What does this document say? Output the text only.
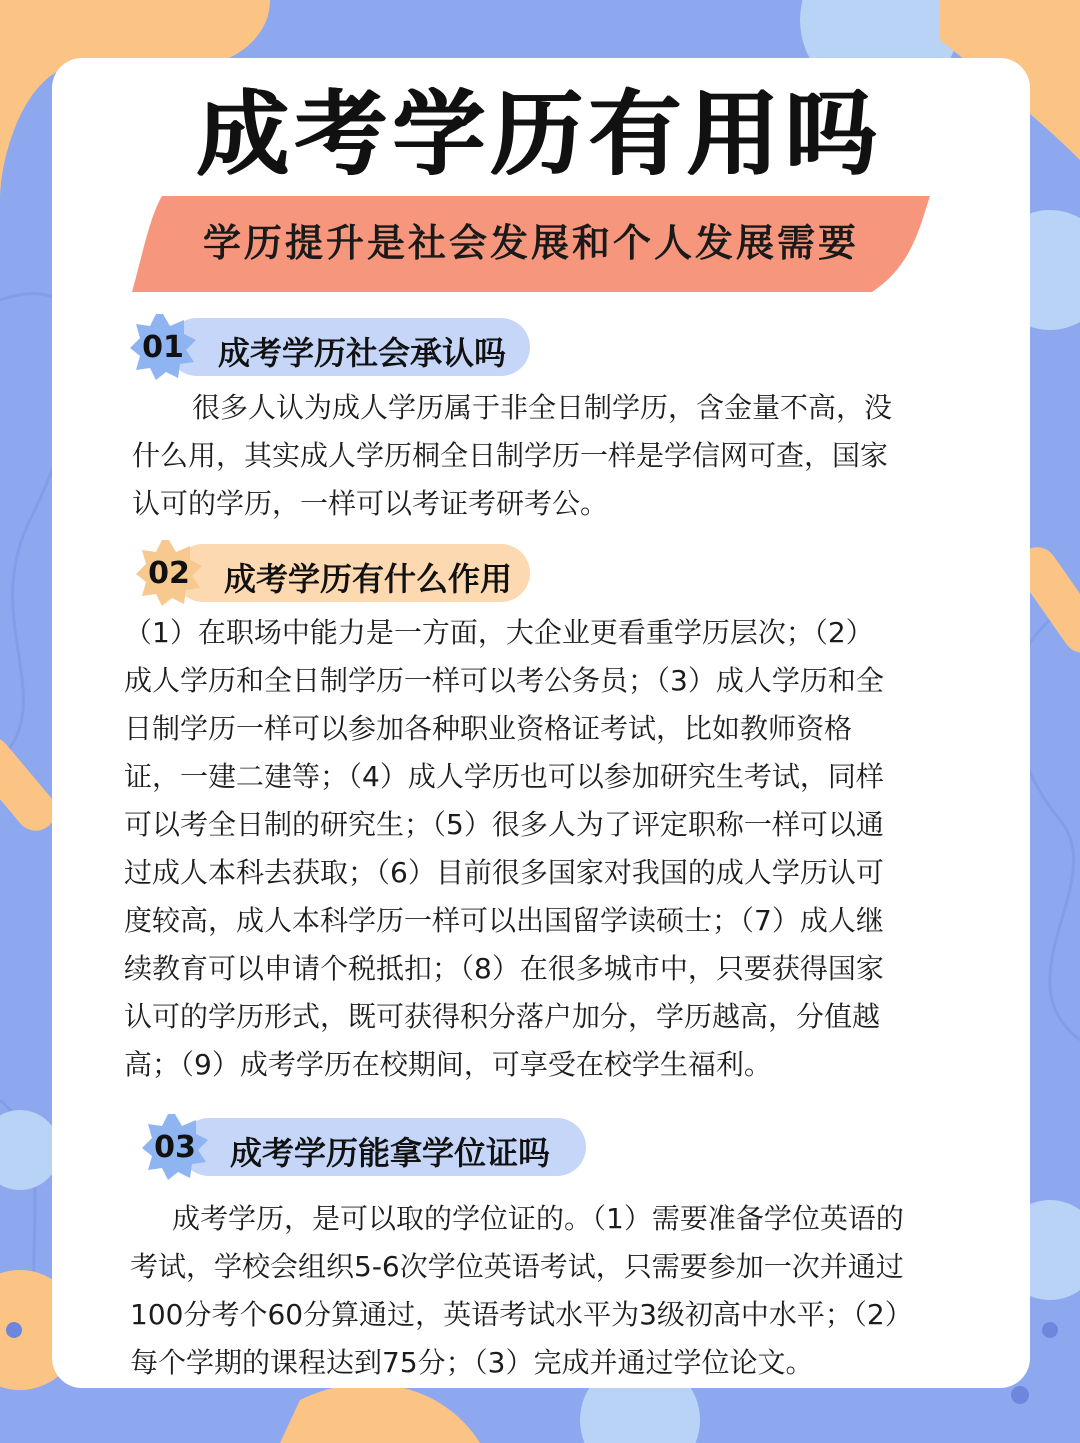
成考学历有用吗
学历提升是社会发展和个人发展需要
01	成考学历社会承认吗
很多人认为成人学历属于非全日制学历，含金量不高，没
什么用，其实成人学历桐全日制学历一样是学信网可查，国家
认可的学历，一样可以考证考研考公。
02	成考学历有什么作用
（1）在职场中能力是一方面，大企业更看重学历层次；（2）
成人学历和全日制学历一样可以考公务员；（3）成人学历和全
日制学历一样可以参加各种职业资格证考试，比如教师资格
证，一建二建等；（4）成人学历也可以参加研究生考试，同样
可以考全日制的研究生；（5）很多人为了评定职称一样可以通
过成人本科去获取；（6）目前很多国家对我国的成人学历认可
度较高，成人本科学历一样可以出国留学读硕士；（7）成人继
续教育可以申请个税抵扣；（8）在很多城市中，只要获得国家
认可的学历形式，既可获得积分落户加分，学历越高，分值越
高；（9）成考学历在校期间，可享受在校学生福利。
03	成考学历能拿学位证吗
成考学历，是可以取的学位证的。（1）需要准备学位英语的
考试，学校会组织5-6次学位英语考试，只需要参加一次并通过
100分考个60分算通过，英语考试水平为3级初高中水平；（2）
每个学期的课程达到75分；（3）完成并通过学位论文。
